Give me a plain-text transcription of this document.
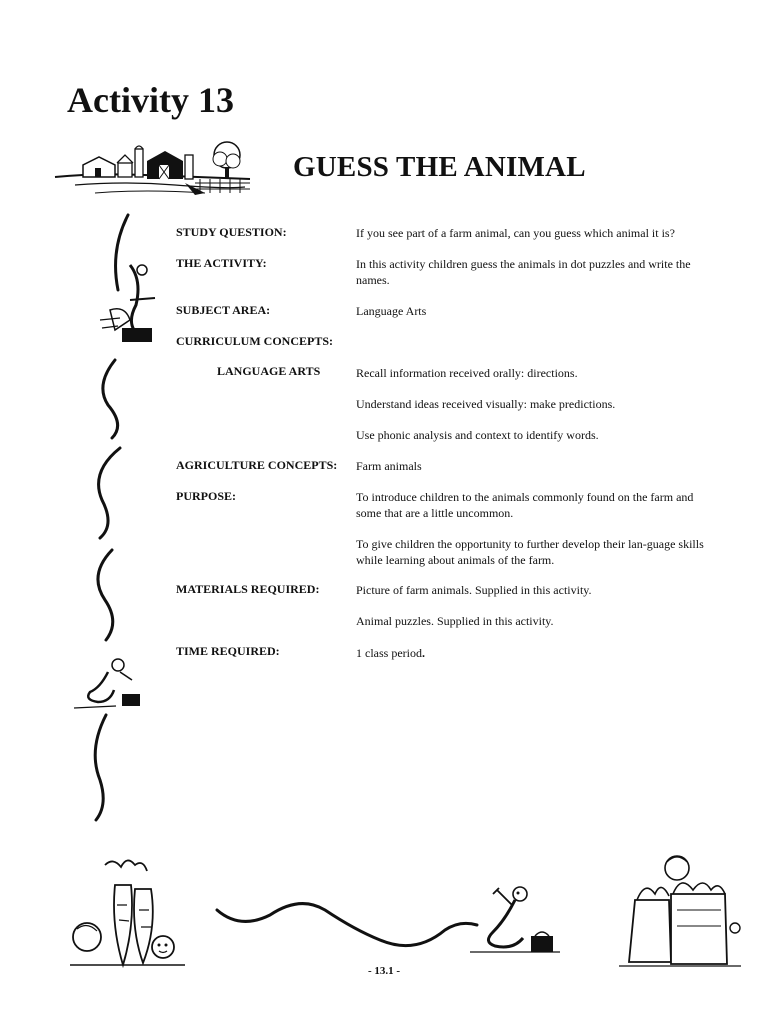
Activity 13
GUESS THE ANIMAL
STUDY QUESTION:	If you see part of a farm animal, can you guess which animal it is?
THE ACTIVITY:	In this activity children guess the animals in dot puzzles and write the names.
SUBJECT AREA:	Language Arts
CURRICULUM CONCEPTS:
LANGUAGE ARTS	Recall information received orally: directions.
Understand ideas received visually: make predictions.
Use phonic analysis and context to identify words.
AGRICULTURE CONCEPTS: Farm animals
PURPOSE:	To introduce children to the animals commonly found on the farm and some that are a little uncommon.
To give children the opportunity to further develop their lan-guage skills while learning about animals of the farm.
MATERIALS REQUIRED:	Picture of farm animals. Supplied in this activity.
Animal puzzles. Supplied in this activity.
TIME REQUIRED:	1 class period.
- 13.1 -
